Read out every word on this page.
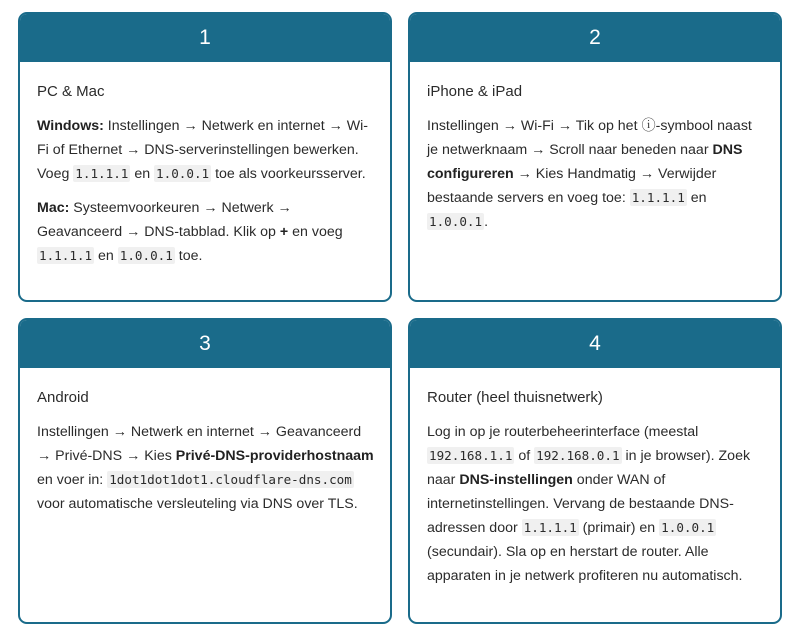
1
PC & Mac

Windows: Instellingen → Netwerk en internet → Wi-Fi of Ethernet → DNS-serverinstellingen bewerken. Voeg 1.1.1.1 en 1.0.0.1 toe als voorkeursserver.

Mac: Systeemvoorkeuren → Netwerk → Geavanceerd → DNS-tabblad. Klik op + en voeg 1.1.1.1 en 1.0.0.1 toe.

2
iPhone & iPad

Instellingen → Wi-Fi → Tik op het ⓘ-symbool naast je netwerknaam → Scroll naar beneden naar DNS configureren → Kies Handmatig → Verwijder bestaande servers en voeg toe: 1.1.1.1 en 1.0.0.1 .

3
Android

Instellingen → Netwerk en internet → Geavanceerd → Privé-DNS → Kies Privé-DNS-providerhostnaam en voer in: 1dot1dot1dot1.cloudflare-dns.com voor automatische versleuteling via DNS over TLS.

4
Router (heel thuisnetwerk)

Log in op je routerbeheerinterface (meestal 192.168.1.1 of 192.168.0.1 in je browser). Zoek naar DNS-instellingen onder WAN of internetinstellingen. Vervang de bestaande DNS-adressen door 1.1.1.1 (primair) en 1.0.0.1 (secundair). Sla op en herstart de router. Alle apparaten in je netwerk profiteren nu automatisch.
